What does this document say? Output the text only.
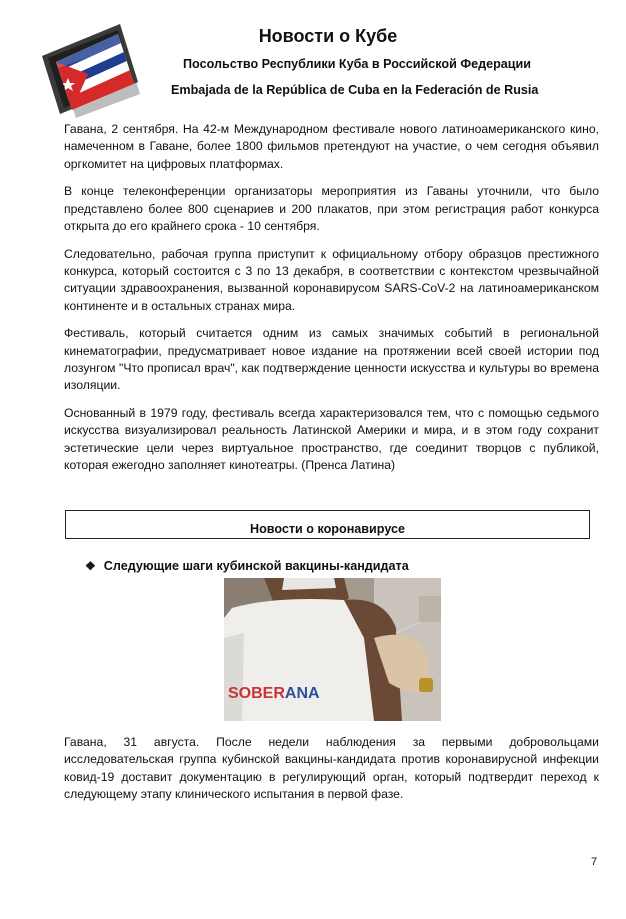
Новости о Кубе
Посольство Республики Куба в Российской Федерации
Embajada de la República de Cuba en la Federación de Rusia

Гавана, 2 сентября. На 42-м Международном фестивале нового латиноамериканского кино, намеченном в Гаване, более 1800 фильмов претендуют на участие, о чем сегодня объявил оргкомитет на цифровых платформах.

В конце телеконференции организаторы мероприятия из Гаваны уточнили, что было представлено более 800 сценариев и 200 плакатов, при этом регистрация работ конкурса открыта до его крайнего срока - 10 сентября.

Следовательно, рабочая группа приступит к официальному отбору образцов престижного конкурса, который состоится с 3 по 13 декабря, в соответствии с контекстом чрезвычайной ситуации здравоохранения, вызванной коронавирусом SARS-CoV-2 на латиноамериканском континенте и в остальных странах мира.

Фестиваль, который считается одним из самых значимых событий в региональной кинематографии, предусматривает новое издание на протяжении всей своей истории под лозунгом "Что прописал врач", как подтверждение ценности искусства и культуры во времена изоляции.

Основанный в 1979 году, фестиваль всегда характеризовался тем, что с помощью седьмого искусства визуализировал реальность Латинской Америки и мира, и в этом году сохранит эстетические цели через виртуальное пространство, где соединит творцов с публикой, которая ежегодно заполняет кинотеатры. (Пренса Латина)

Новости о коронавирусе
❖ Следующие шаги кубинской вакцины-кандидата
SOBERANA

Гавана, 31 августа. После недели наблюдения за первыми добровольцами исследовательская группа кубинской вакцины-кандидата против коронавирусной инфекции ковид-19 доставит документацию в регулирующий орган, который подтвердит переход к следующему этапу клинического испытания в первой фазе.

7
